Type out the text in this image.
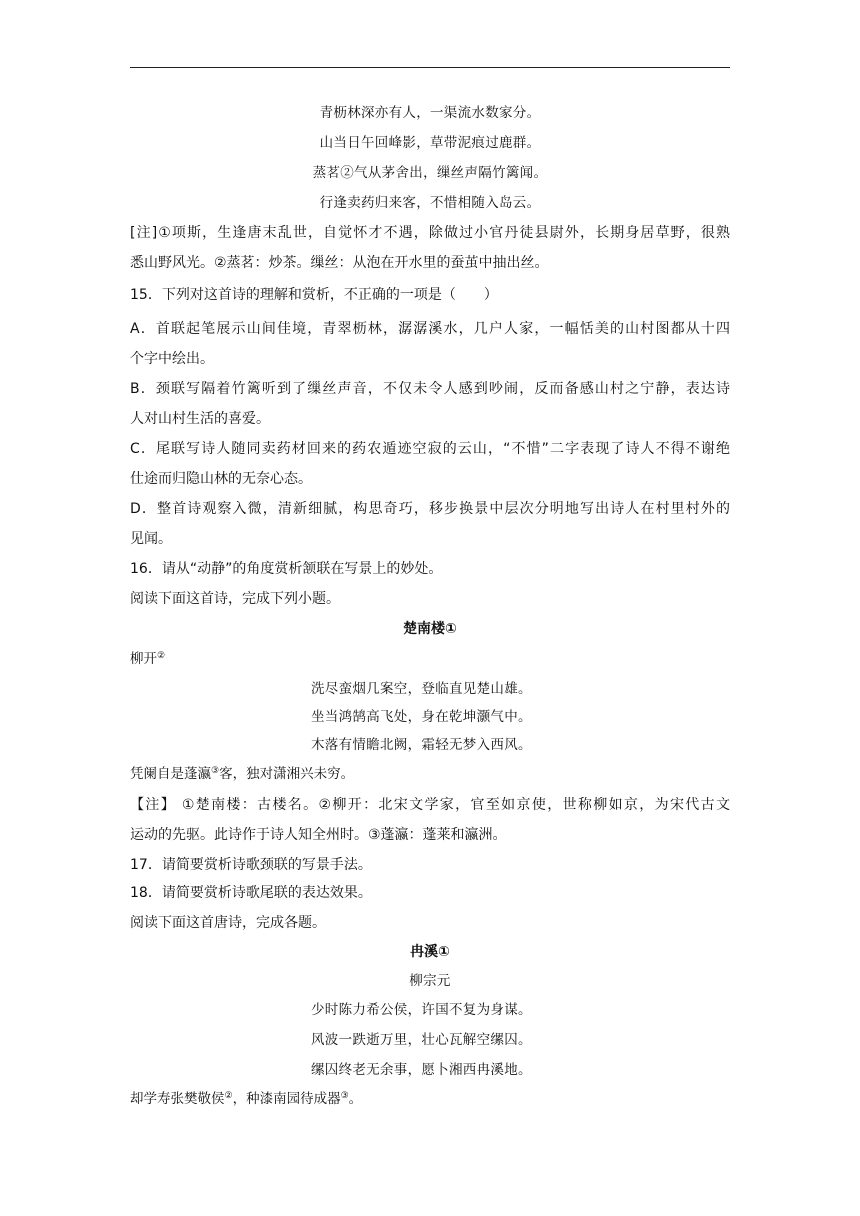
青枥林深亦有人，一渠流水数家分。
山当日午回峰影，草带泥痕过鹿群。
蒸茗②气从茅舍出，缫丝声隔竹篱闻。
行逢卖药归来客，不惜相随入岛云。
[注]①项斯，生逢唐末乱世，自觉怀才不遇，除做过小官丹徒县尉外，长期身居草野，很熟
悉山野风光。②蒸茗：炒茶。缫丝：从泡在开水里的蚕茧中抽出丝。
15．下列对这首诗的理解和赏析，不正确的一项是（　　）
A．首联起笔展示山间佳境，青翠枥林，潺潺溪水，几户人家，一幅恬美的山村图都从十四
个字中绘出。
B．颈联写隔着竹篱听到了缫丝声音，不仅未令人感到吵闹，反而备感山村之宁静，表达诗
人对山村生活的喜爱。
C．尾联写诗人随同卖药材回来的药农遁迹空寂的云山，“不惜”二字表现了诗人不得不谢绝
仕途而归隐山林的无奈心态。
D．整首诗观察入微，清新细腻，构思奇巧，移步换景中层次分明地写出诗人在村里村外的
见闻。
16．请从“动静”的角度赏析颔联在写景上的妙处。
阅读下面这首诗，完成下列小题。
楚南楼①
柳开②
洗尽蛮烟几案空，登临直见楚山雄。
坐当鸿鹄高飞处，身在乾坤灏气中。
木落有情瞻北阙，霜轻无梦入西风。
凭阑自是蓬瀛③客，独对潇湘兴未穷。
【注】 ①楚南楼：古楼名。②柳开：北宋文学家，官至如京使，世称柳如京，为宋代古文
运动的先驱。此诗作于诗人知全州时。③蓬瀛：蓬莱和瀛洲。
17．请简要赏析诗歌颈联的写景手法。
18．请简要赏析诗歌尾联的表达效果。
阅读下面这首唐诗，完成各题。
冉溪①
柳宗元
少时陈力希公侯，许国不复为身谋。
风波一跌逝万里，壮心瓦解空缧囚。
缧囚终老无余事，愿卜湘西冉溪地。
却学寿张樊敬侯②，种漆南园待成器③。
